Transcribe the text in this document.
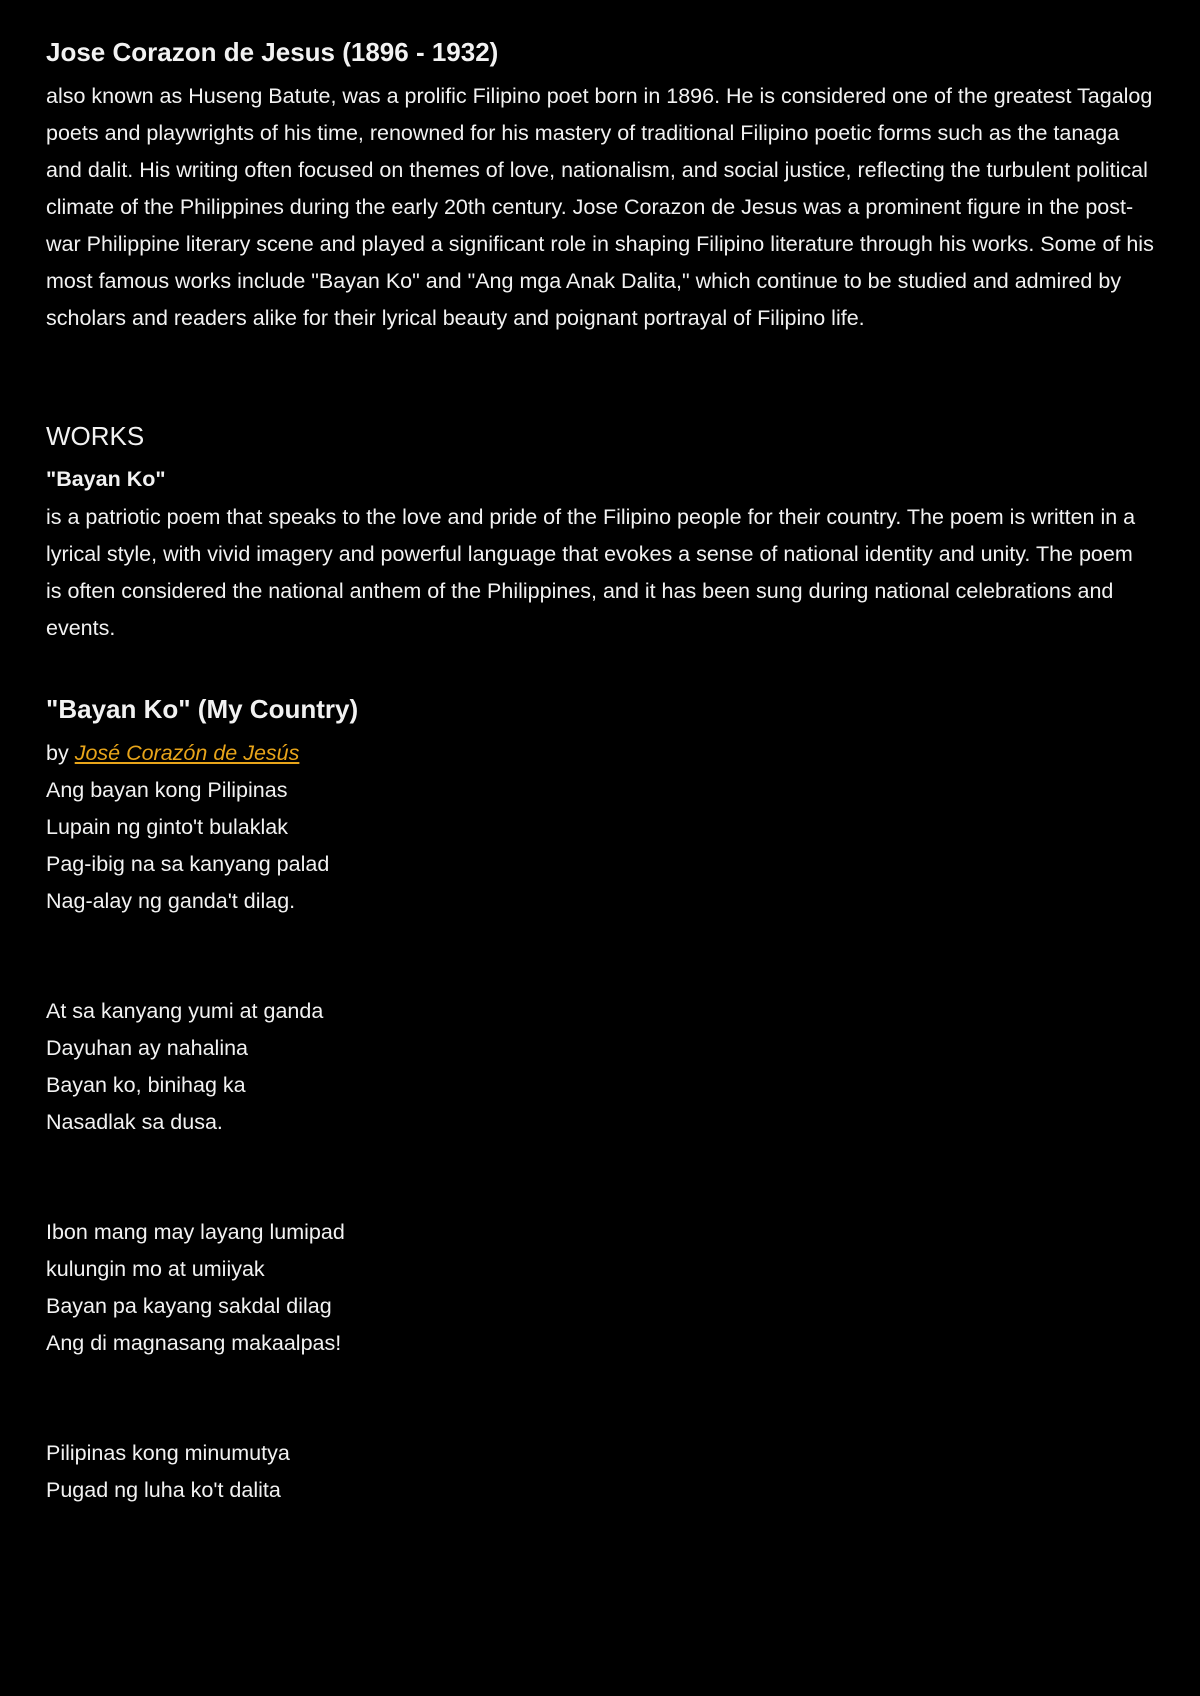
Jose Corazon de Jesus (1896 - 1932)

also known as Huseng Batute, was a prolific Filipino poet born in 1896. He is considered one of the greatest Tagalog poets and playwrights of his time, renowned for his mastery of traditional Filipino poetic forms such as the tanaga and dalit. His writing often focused on themes of love, nationalism, and social justice, reflecting the turbulent political climate of the Philippines during the early 20th century. Jose Corazon de Jesus was a prominent figure in the post-war Philippine literary scene and played a significant role in shaping Filipino literature through his works. Some of his most famous works include "Bayan Ko" and "Ang mga Anak Dalita," which continue to be studied and admired by scholars and readers alike for their lyrical beauty and poignant portrayal of Filipino life.

WORKS
"Bayan Ko"

is a patriotic poem that speaks to the love and pride of the Filipino people for their country. The poem is written in a lyrical style, with vivid imagery and powerful language that evokes a sense of national identity and unity. The poem is often considered the national anthem of the Philippines, and it has been sung during national celebrations and events.

"Bayan Ko" (My Country)

by José Corazón de Jesús

Ang bayan kong Pilipinas
Lupain ng ginto't bulaklak
Pag-ibig na sa kanyang palad
Nag-alay ng ganda't dilag.

At sa kanyang yumi at ganda
Dayuhan ay nahalina
Bayan ko, binihag ka
Nasadlak sa dusa.

Ibon mang may layang lumipad
kulungin mo at umiiyak
Bayan pa kayang sakdal dilag
Ang di magnasang makaalpas!

Pilipinas kong minumutya
Pugad ng luha ko't dalita
